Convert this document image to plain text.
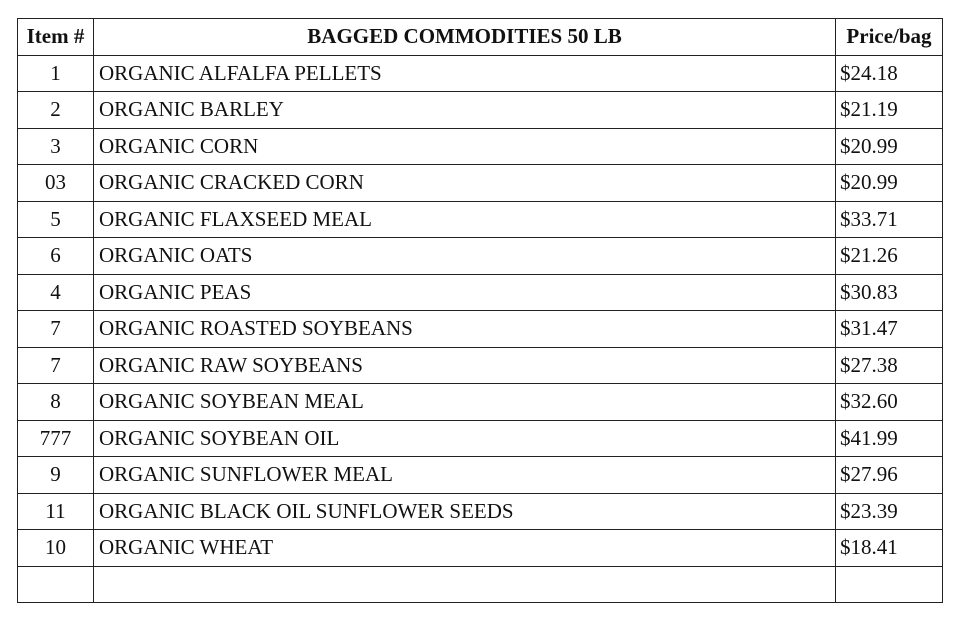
Item #	BAGGED COMMODITIES 50 LB	Price/bag
1	ORGANIC ALFALFA PELLETS	$24.18
2	ORGANIC BARLEY	$21.19
3	ORGANIC CORN	$20.99
03	ORGANIC CRACKED CORN	$20.99
5	ORGANIC FLAXSEED MEAL	$33.71
6	ORGANIC OATS	$21.26
4	ORGANIC PEAS	$30.83
7	ORGANIC ROASTED SOYBEANS	$31.47
7	ORGANIC RAW SOYBEANS	$27.38
8	ORGANIC SOYBEAN MEAL	$32.60
777	ORGANIC SOYBEAN OIL	$41.99
9	ORGANIC SUNFLOWER MEAL	$27.96
11	ORGANIC BLACK OIL SUNFLOWER SEEDS	$23.39
10	ORGANIC WHEAT	$18.41
